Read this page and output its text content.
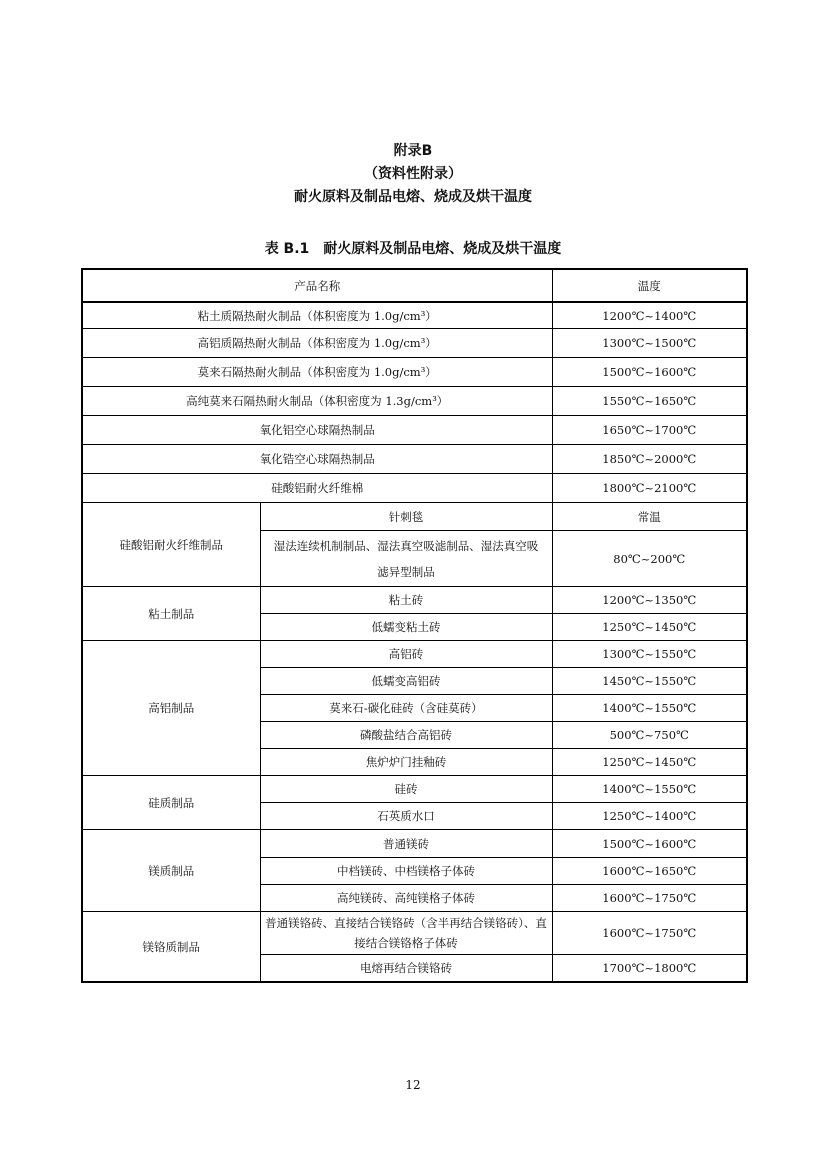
附录B
（资料性附录）
耐火原料及制品电熔、烧成及烘干温度
表 B.1　耐火原料及制品电熔、烧成及烘干温度
产品名称		温度
粘土质隔热耐火制品（体积密度为 1.0g/cm³）		1200℃~1400℃
高铝质隔热耐火制品（体积密度为 1.0g/cm³）		1300℃~1500℃
莫来石隔热耐火制品（体积密度为 1.0g/cm³）		1500℃~1600℃
高纯莫来石隔热耐火制品（体积密度为 1.3g/cm³）		1550℃~1650℃
氧化铝空心球隔热制品		1650℃~1700℃
氧化锆空心球隔热制品		1850℃~2000℃
硅酸铝耐火纤维棉		1800℃~2100℃
硅酸铝耐火纤维制品	针刺毯	常温
	湿法连续机制制品、湿法真空吸滤制品、湿法真空吸滤异型制品	80℃~200℃
粘土制品	粘土砖	1200℃~1350℃
	低蠕变粘土砖	1250℃~1450℃
高铝制品	高铝砖	1300℃~1550℃
	低蠕变高铝砖	1450℃~1550℃
	莫来石-碳化硅砖（含硅莫砖）	1400℃~1550℃
	磷酸盐结合高铝砖	500℃~750℃
	焦炉炉门挂釉砖	1250℃~1450℃
硅质制品	硅砖	1400℃~1550℃
	石英质水口	1250℃~1400℃
镁质制品	普通镁砖	1500℃~1600℃
	中档镁砖、中档镁格子体砖	1600℃~1650℃
	高纯镁砖、高纯镁格子体砖	1600℃~1750℃
镁铬质制品	普通镁铬砖、直接结合镁铬砖（含半再结合镁铬砖）、直接结合镁铬格子体砖	1600℃~1750℃
	电熔再结合镁铬砖	1700℃~1800℃
12
